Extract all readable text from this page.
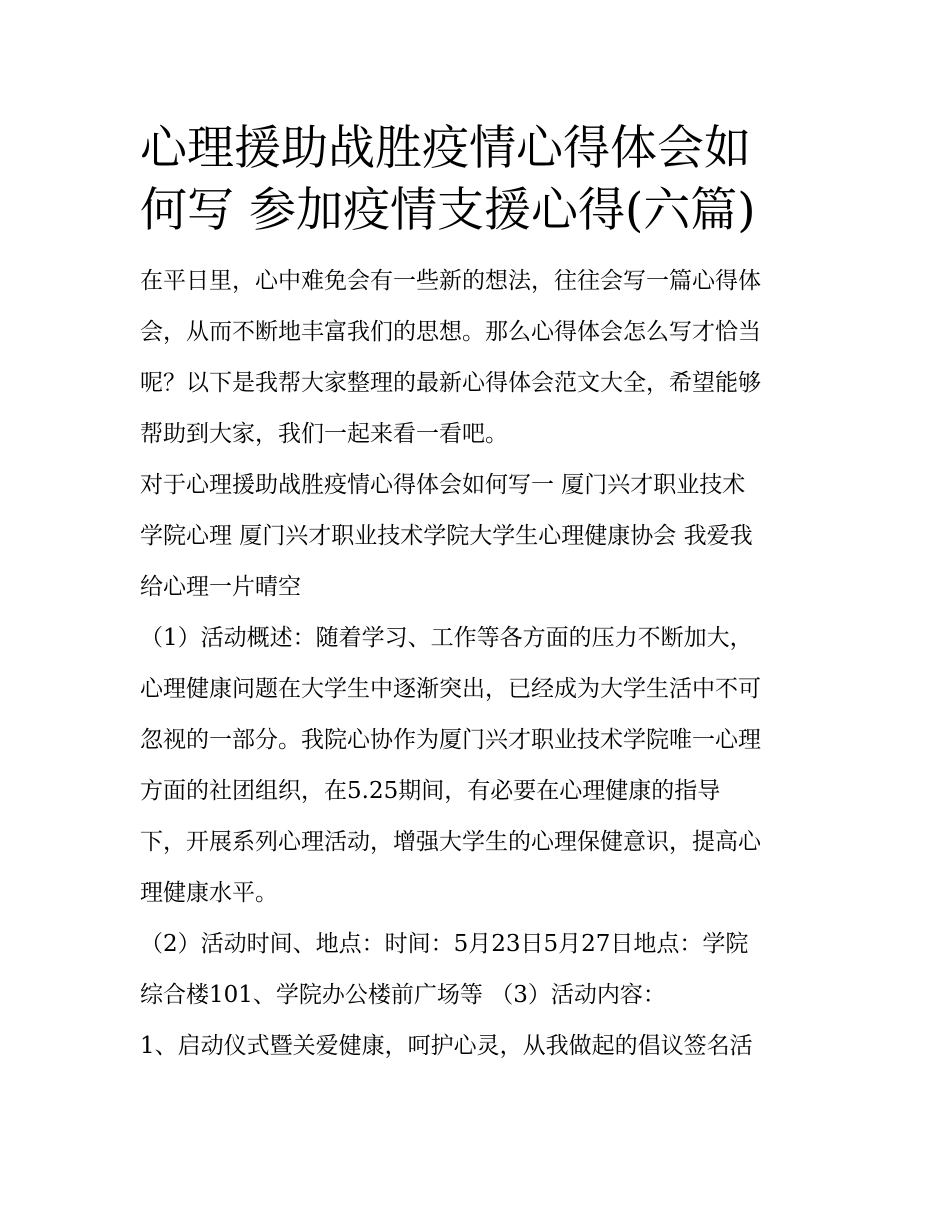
心理援助战胜疫情心得体会如
何写 参加疫情支援心得(六篇)

在平日里，心中难免会有一些新的想法，往往会写一篇心得体
会，从而不断地丰富我们的思想。那么心得体会怎么写才恰当
呢？以下是我帮大家整理的最新心得体会范文大全，希望能够
帮助到大家，我们一起来看一看吧。

对于心理援助战胜疫情心得体会如何写一 厦门兴才职业技术
学院心理 厦门兴才职业技术学院大学生心理健康协会 我爱我
给心理一片晴空

（1）活动概述：随着学习、工作等各方面的压力不断加大，
心理健康问题在大学生中逐渐突出，已经成为大学生活中不可
忽视的一部分。我院心协作为厦门兴才职业技术学院唯一心理
方面的社团组织，在5.25期间，有必要在心理健康的指导
下，开展系列心理活动，增强大学生的心理保健意识，提高心
理健康水平。

（2）活动时间、地点：时间：5月23日5月27日地点：学院
综合楼101、学院办公楼前广场等 （3）活动内容：

1、启动仪式暨关爱健康，呵护心灵，从我做起的倡议签名活
